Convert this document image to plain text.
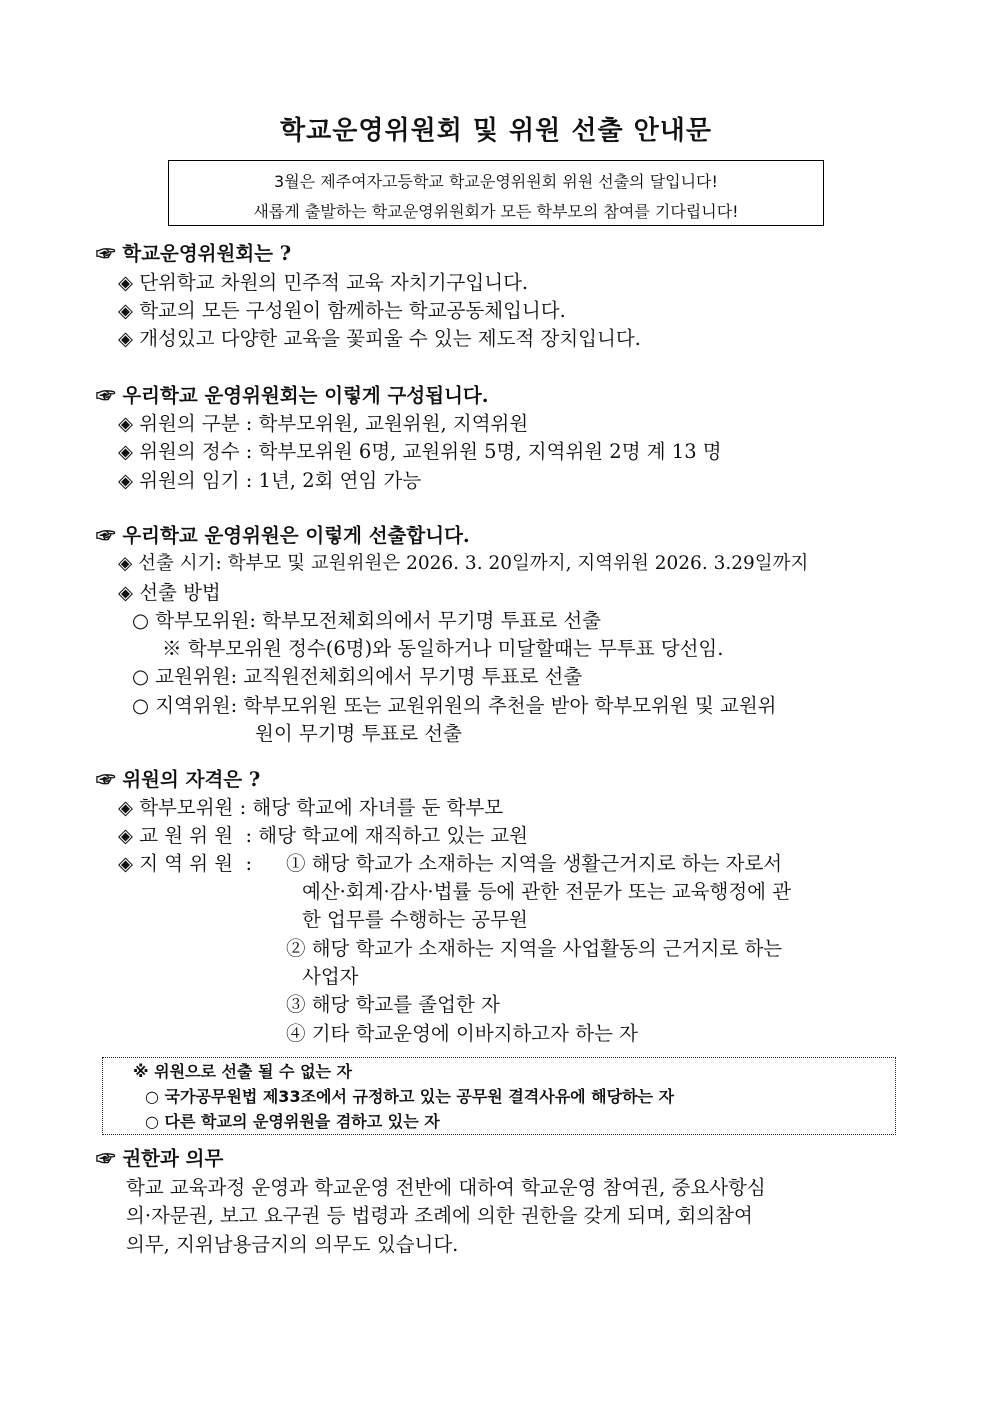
학교운영위원회 및 위원 선출 안내문
3월은 제주여자고등학교 학교운영위원회 위원 선출의 달입니다!
새롭게 출발하는 학교운영위원회가 모든 학부모의 참여를 기다립니다!
☞ 학교운영위원회는 ?
◈ 단위학교 차원의 민주적 교육 자치기구입니다.
◈ 학교의 모든 구성원이 함께하는 학교공동체입니다.
◈ 개성있고 다양한 교육을 꽃피울 수 있는 제도적 장치입니다.
☞ 우리학교 운영위원회는 이렇게 구성됩니다.
◈ 위원의 구분 : 학부모위원, 교원위원, 지역위원
◈ 위원의 정수 : 학부모위원 6명, 교원위원 5명, 지역위원 2명 계 13 명
◈ 위원의 임기 : 1년, 2회 연임 가능
☞ 우리학교 운영위원은 이렇게 선출합니다.
◈ 선출 시기: 학부모 및 교원위원은 2026. 3. 20일까지, 지역위원 2026. 3.29일까지
◈ 선출 방법
○ 학부모위원: 학부모전체회의에서 무기명 투표로 선출
※ 학부모위원 정수(6명)와 동일하거나 미달할때는 무투표 당선임.
○ 교원위원: 교직원전체회의에서 무기명 투표로 선출
○ 지역위원: 학부모위원 또는 교원위원의 추천을 받아 학부모위원 및 교원위
원이 무기명 투표로 선출
☞ 위원의 자격은 ?
◈ 학부모위원 : 해당 학교에 자녀를 둔 학부모
◈ 교 원 위 원  : 해당 학교에 재직하고 있는 교원
◈ 지 역 위 원  : ① 해당 학교가 소재하는 지역을 생활근거지로 하는 자로서
예산·회계·감사·법률 등에 관한 전문가 또는 교육행정에 관
한 업무를 수행하는 공무원
② 해당 학교가 소재하는 지역을 사업활동의 근거지로 하는
사업자
③ 해당 학교를 졸업한 자
④ 기타 학교운영에 이바지하고자 하는 자
※ 위원으로 선출 될 수 없는 자
○ 국가공무원법 제33조에서 규정하고 있는 공무원 결격사유에 해당하는 자
○ 다른 학교의 운영위원을 겸하고 있는 자
☞ 권한과 의무
학교 교육과정 운영과 학교운영 전반에 대하여 학교운영 참여권, 중요사항심
의·자문권, 보고 요구권 등 법령과 조례에 의한 권한을 갖게 되며, 회의참여
의무, 지위남용금지의 의무도 있습니다.
